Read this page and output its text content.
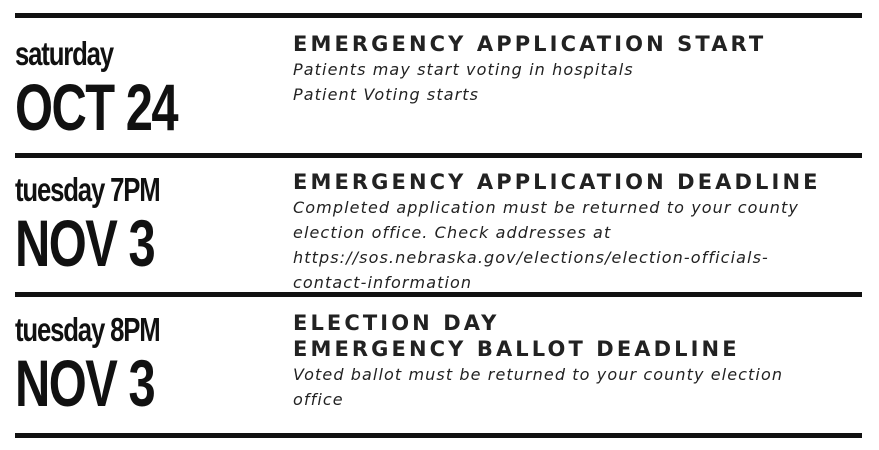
saturday
OCT 24
EMERGENCY APPLICATION START
Patients may start voting in hospitals
Patient Voting starts
tuesday 7PM
NOV 3
EMERGENCY APPLICATION DEADLINE
Completed application must be returned to your county
election office. Check addresses at
https://sos.nebraska.gov/elections/election-officials-
contact-information
tuesday 8PM
NOV 3
ELECTION DAY
EMERGENCY BALLOT DEADLINE
Voted ballot must be returned to your county election
office
